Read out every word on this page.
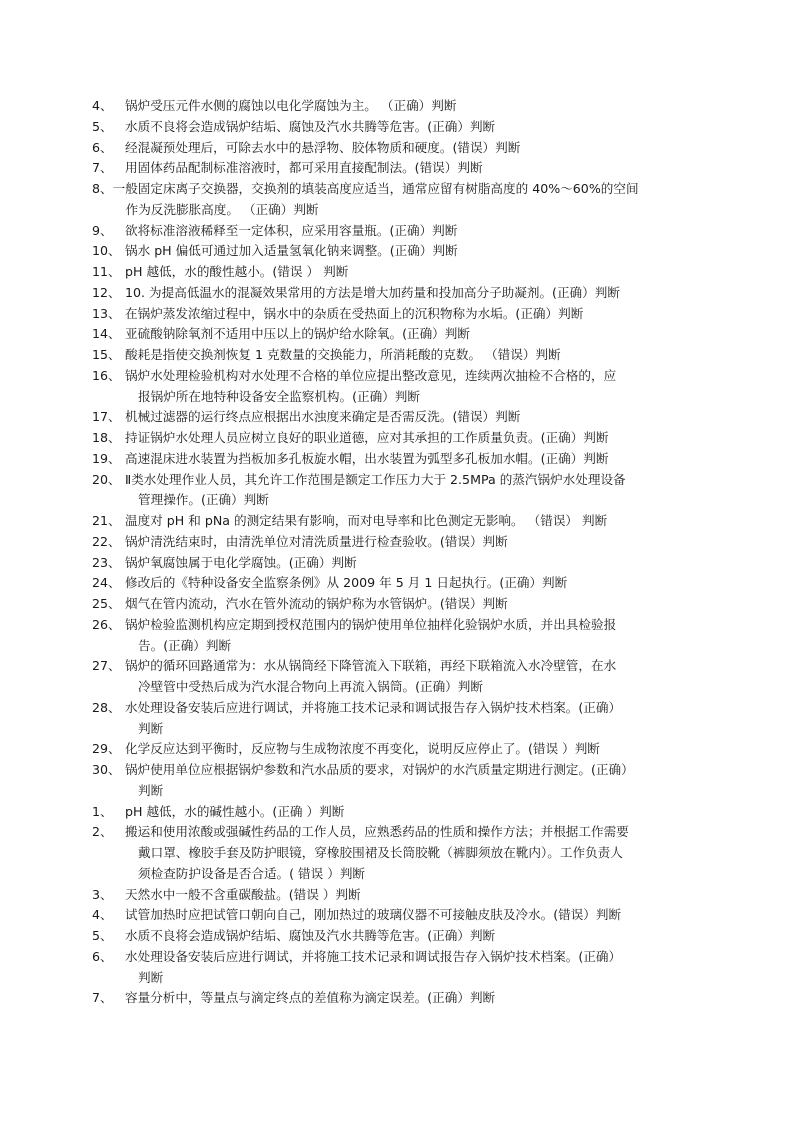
4、 锅炉受压元件水侧的腐蚀以电化学腐蚀为主。 （正确）判断
5、 水质不良将会造成锅炉结垢、腐蚀及汽水共腾等危害。(正确）判断
6、 经混凝预处理后，可除去水中的悬浮物、胶体物质和硬度。(错误）判断
7、 用固体药品配制标准溶液时，都可采用直接配制法。(错误）判断
8、 一般固定床离子交换器，交换剂的填装高度应适当，通常应留有树脂高度的 40%～60%的空间
作为反洗膨胀高度。 （正确）判断
9、 欲将标准溶液稀释至一定体积，应采用容量瓶。(正确）判断
10、 锅水 pH 偏低可通过加入适量氢氧化钠来调整。(正确）判断
11、 pH 越低，水的酸性越小。(错误 ） 判断
12、 10. 为提高低温水的混凝效果常用的方法是增大加药量和投加高分子助凝剂。(正确）判断
13、 在锅炉蒸发浓缩过程中，锅水中的杂质在受热面上的沉积物称为水垢。(正确）判断
14、 亚硫酸钠除氧剂不适用中压以上的锅炉给水除氧。(正确）判断
15、 酸耗是指使交换剂恢复 1 克数量的交换能力，所消耗酸的克数。 （错误）判断
16、 锅炉水处理检验机构对水处理不合格的单位应提出整改意见，连续两次抽检不合格的，应
报锅炉所在地特种设备安全监察机构。(正确）判断
17、 机械过滤器的运行终点应根据出水浊度来确定是否需反洗。(错误）判断
18、 持证锅炉水处理人员应树立良好的职业道德，应对其承担的工作质量负责。(正确）判断
19、 高速混床进水装置为挡板加多孔板旋水帽，出水装置为弧型多孔板加水帽。(正确）判断
20、 Ⅱ类水处理作业人员，其允许工作范围是额定工作压力大于 2.5MPa 的蒸汽锅炉水处理设备
管理操作。(正确）判断
21、 温度对 pH 和 pNa 的测定结果有影响，而对电导率和比色测定无影响。 （错误） 判断
22、 锅炉清洗结束时，由清洗单位对清洗质量进行检查验收。(错误）判断
23、 锅炉氧腐蚀属于电化学腐蚀。(正确）判断
24、 修改后的《特种设备安全监察条例》从 2009 年 5 月 1 日起执行。(正确）判断
25、 烟气在管内流动，汽水在管外流动的锅炉称为水管锅炉。(错误）判断
26、 锅炉检验监测机构应定期到授权范围内的锅炉使用单位抽样化验锅炉水质，并出具检验报
告。(正确）判断
27、 锅炉的循环回路通常为：水从锅筒经下降管流入下联箱，再经下联箱流入水冷壁管，在水
冷壁管中受热后成为汽水混合物向上再流入锅筒。(正确）判断
28、 水处理设备安装后应进行调试，并将施工技术记录和调试报告存入锅炉技术档案。(正确）
判断
29、 化学反应达到平衡时，反应物与生成物浓度不再变化，说明反应停止了。(错误 ）判断
30、 锅炉使用单位应根据锅炉参数和汽水品质的要求，对锅炉的水汽质量定期进行测定。(正确）
判断
1、 pH 越低，水的碱性越小。(正确 ）判断
2、 搬运和使用浓酸或强碱性药品的工作人员，应熟悉药品的性质和操作方法；并根据工作需要
戴口罩、橡胶手套及防护眼镜，穿橡胶围裙及长筒胶靴（裤脚须放在靴内）。工作负责人
须检查防护设备是否合适。( 错误 ）判断
3、 天然水中一般不含重碳酸盐。(错误 ）判断
4、 试管加热时应把试管口朝向自己，刚加热过的玻璃仪器不可接触皮肤及冷水。(错误）判断
5、 水质不良将会造成锅炉结垢、腐蚀及汽水共腾等危害。(正确）判断
6、 水处理设备安装后应进行调试，并将施工技术记录和调试报告存入锅炉技术档案。(正确）
判断
7、 容量分析中，等量点与滴定终点的差值称为滴定误差。(正确）判断
